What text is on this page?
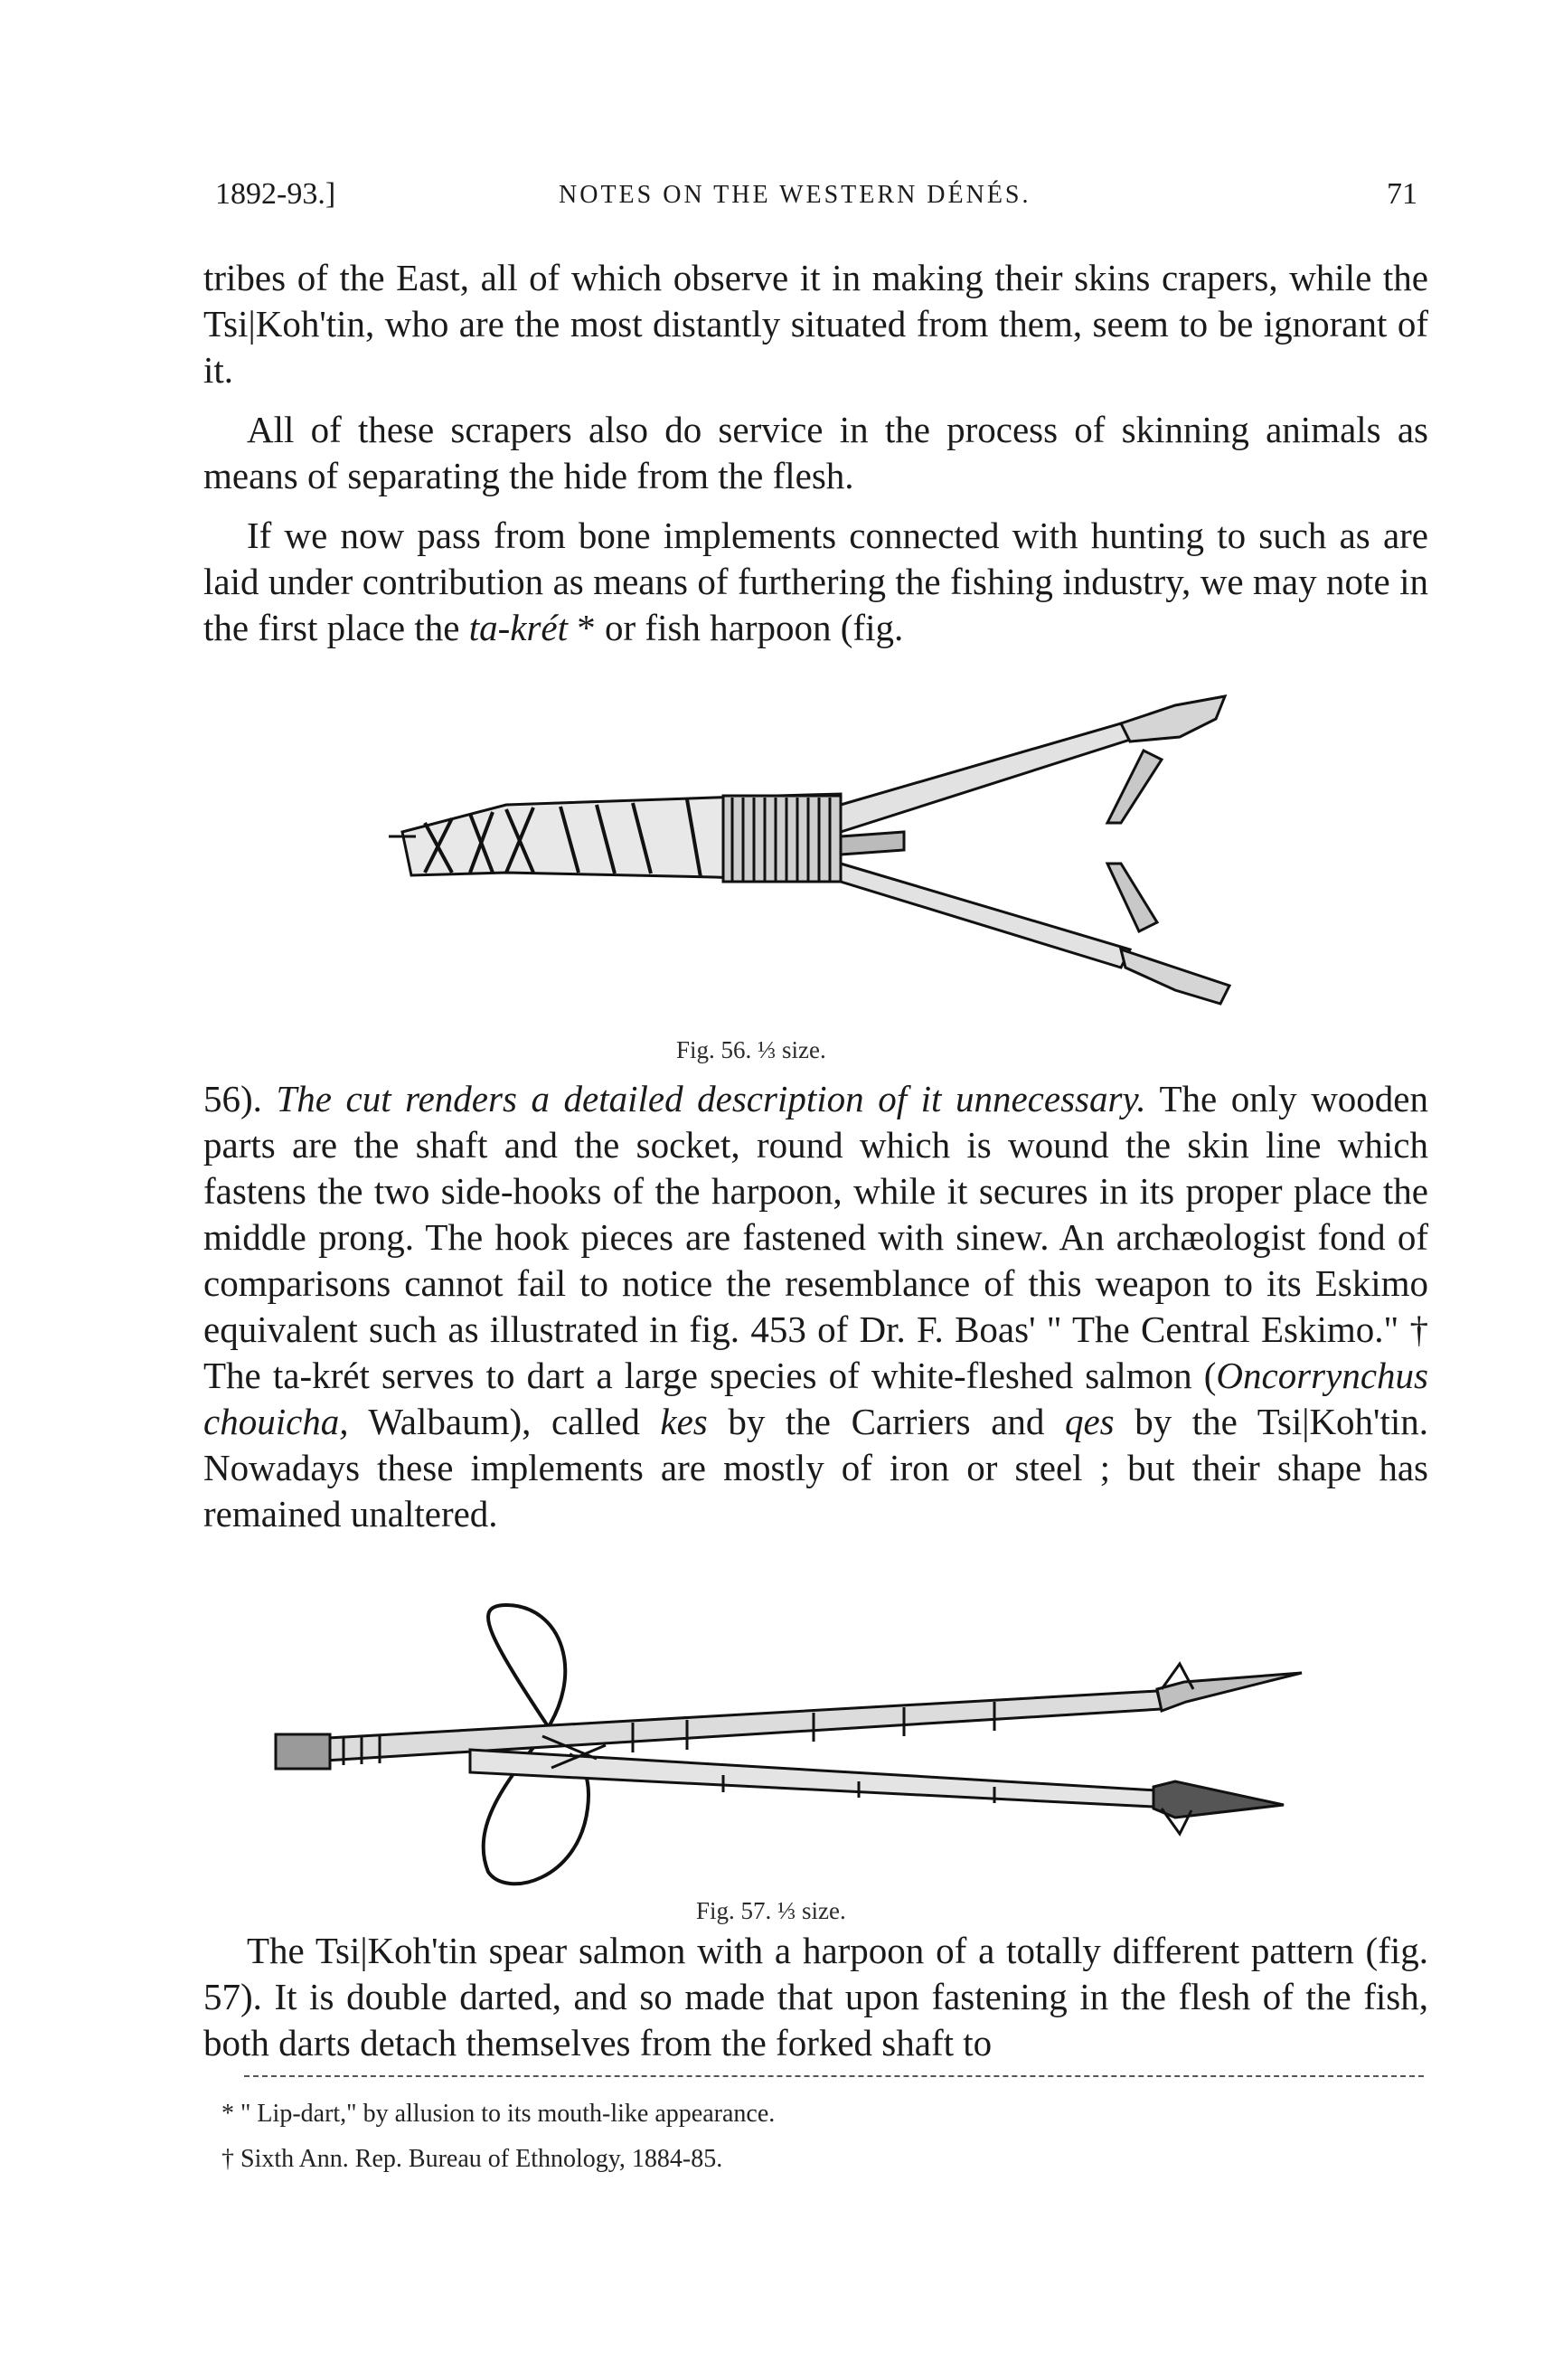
1892-93.]	NOTES ON THE WESTERN DÉNÉS.	71

tribes of the East, all of which observe it in making their skins crapers, while the Tsi|Koh'tin, who are the most distantly situated from them, seem to be ignorant of it.

All of these scrapers also do service in the process of skinning animals as means of separating the hide from the flesh.

If we now pass from bone implements connected with hunting to such as are laid under contribution as means of furthering the fishing industry, we may note in the first place the ta-krét * or fish harpoon (fig.

Fig. 56. ⅓ size.

56). The cut renders a detailed description of it unnecessary. The only wooden parts are the shaft and the socket, round which is wound the skin line which fastens the two side-hooks of the harpoon, while it secures in its proper place the middle prong. The hook pieces are fastened with sinew. An archæologist fond of comparisons cannot fail to notice the resemblance of this weapon to its Eskimo equivalent such as illustrated in fig. 453 of Dr. F. Boas' " The Central Eskimo." † The ta-krét serves to dart a large species of white-fleshed salmon (Oncorrynchus chouicha, Walbaum), called kes by the Carriers and qes by the Tsi|Koh'tin. Nowadays these implements are mostly of iron or steel ; but their shape has remained unaltered.

Fig. 57. ⅓ size.

The Tsi|Koh'tin spear salmon with a harpoon of a totally different pattern (fig. 57). It is double darted, and so made that upon fastening in the flesh of the fish, both darts detach themselves from the forked shaft to

* " Lip-dart," by allusion to its mouth-like appearance.
† Sixth Ann. Rep. Bureau of Ethnology, 1884-85.
